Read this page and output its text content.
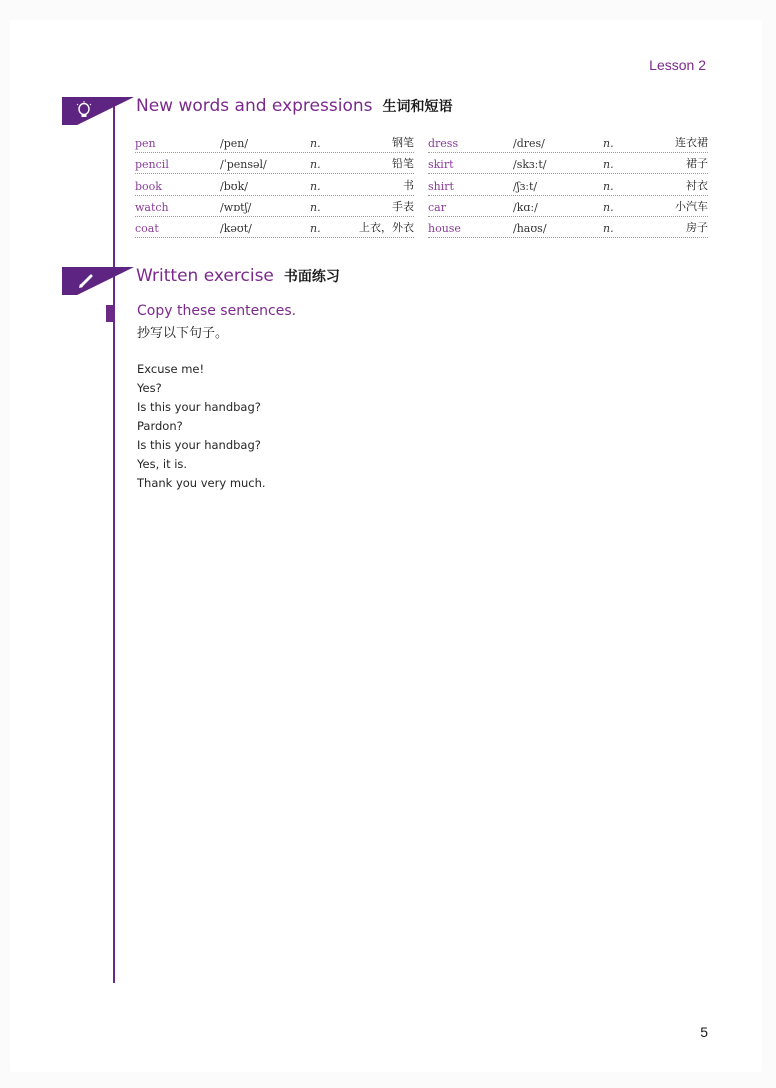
Lesson 2
New words and expressions 生词和短语
pen	/pen/	n.	钢笔
pencil	/ˈpensəl/	n.	铅笔
book	/bʊk/	n.	书
watch	/wɒtʃ/	n.	手表
coat	/kəʊt/	n.	上衣，外衣
dress	/dres/	n.	连衣裙
skirt	/skɜːt/	n.	裙子
shirt	/ʃɜːt/	n.	衬衣
car	/kɑː/	n.	小汽车
house	/haʊs/	n.	房子
Written exercise 书面练习
Copy these sentences.
抄写以下句子。
Excuse me!
Yes?
Is this your handbag?
Pardon?
Is this your handbag?
Yes, it is.
Thank you very much.
5
